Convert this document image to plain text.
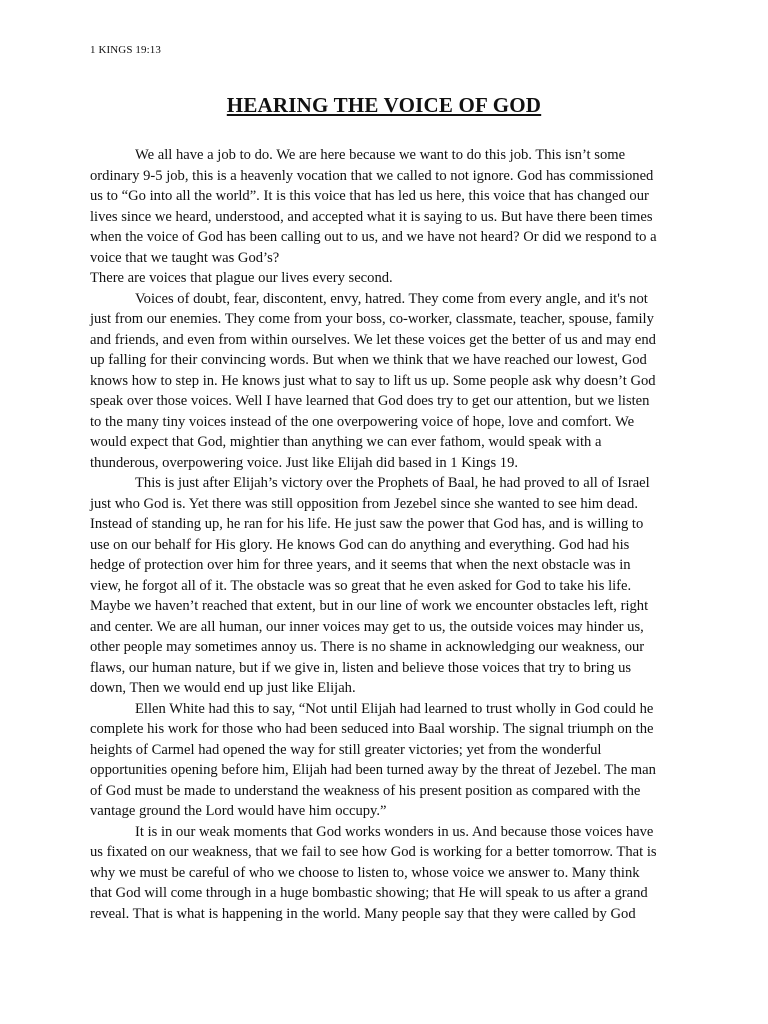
1 KINGS 19:13
HEARING THE VOICE OF GOD
We all have a job to do. We are here because we want to do this job. This isn’t some
ordinary 9-5 job, this is a heavenly vocation that we called to not ignore. God has commissioned
us to “Go into all the world”. It is this voice that has led us here, this voice that has changed our
lives since we heard, understood, and accepted what it is saying to us. But have there been times
when the voice of God has been calling out to us, and we have not heard? Or did we respond to a
voice that we taught was God’s?
There are voices that plague our lives every second.
Voices of doubt, fear, discontent, envy, hatred. They come from every angle, and it's not
just from our enemies. They come from your boss, co-worker, classmate, teacher, spouse, family
and friends, and even from within ourselves. We let these voices get the better of us and may end
up falling for their convincing words. But when we think that we have reached our lowest, God
knows how to step in. He knows just what to say to lift us up. Some people ask why doesn’t God
speak over those voices. Well I have learned that God does try to get our attention, but we listen
to the many tiny voices instead of the one overpowering voice of hope, love and comfort. We
would expect that God, mightier than anything we can ever fathom, would speak with a
thunderous, overpowering voice. Just like Elijah did based in 1 Kings 19.
This is just after Elijah’s victory over the Prophets of Baal, he had proved to all of Israel
just who God is. Yet there was still opposition from Jezebel since she wanted to see him dead.
Instead of standing up, he ran for his life. He just saw the power that God has, and is willing to
use on our behalf for His glory. He knows God can do anything and everything. God had his
hedge of protection over him for three years, and it seems that when the next obstacle was in
view, he forgot all of it. The obstacle was so great that he even asked for God to take his life.
Maybe we haven’t reached that extent, but in our line of work we encounter obstacles left, right
and center. We are all human, our inner voices may get to us, the outside voices may hinder us,
other people may sometimes annoy us. There is no shame in acknowledging our weakness, our
flaws, our human nature, but if we give in, listen and believe those voices that try to bring us
down, Then we would end up just like Elijah.
Ellen White had this to say, “Not until Elijah had learned to trust wholly in God could he
complete his work for those who had been seduced into Baal worship. The signal triumph on the
heights of Carmel had opened the way for still greater victories; yet from the wonderful
opportunities opening before him, Elijah had been turned away by the threat of Jezebel. The man
of God must be made to understand the weakness of his present position as compared with the
vantage ground the Lord would have him occupy.”
It is in our weak moments that God works wonders in us. And because those voices have
us fixated on our weakness, that we fail to see how God is working for a better tomorrow. That is
why we must be careful of who we choose to listen to, whose voice we answer to. Many think
that God will come through in a huge bombastic showing; that He will speak to us after a grand
reveal. That is what is happening in the world. Many people say that they were called by God
